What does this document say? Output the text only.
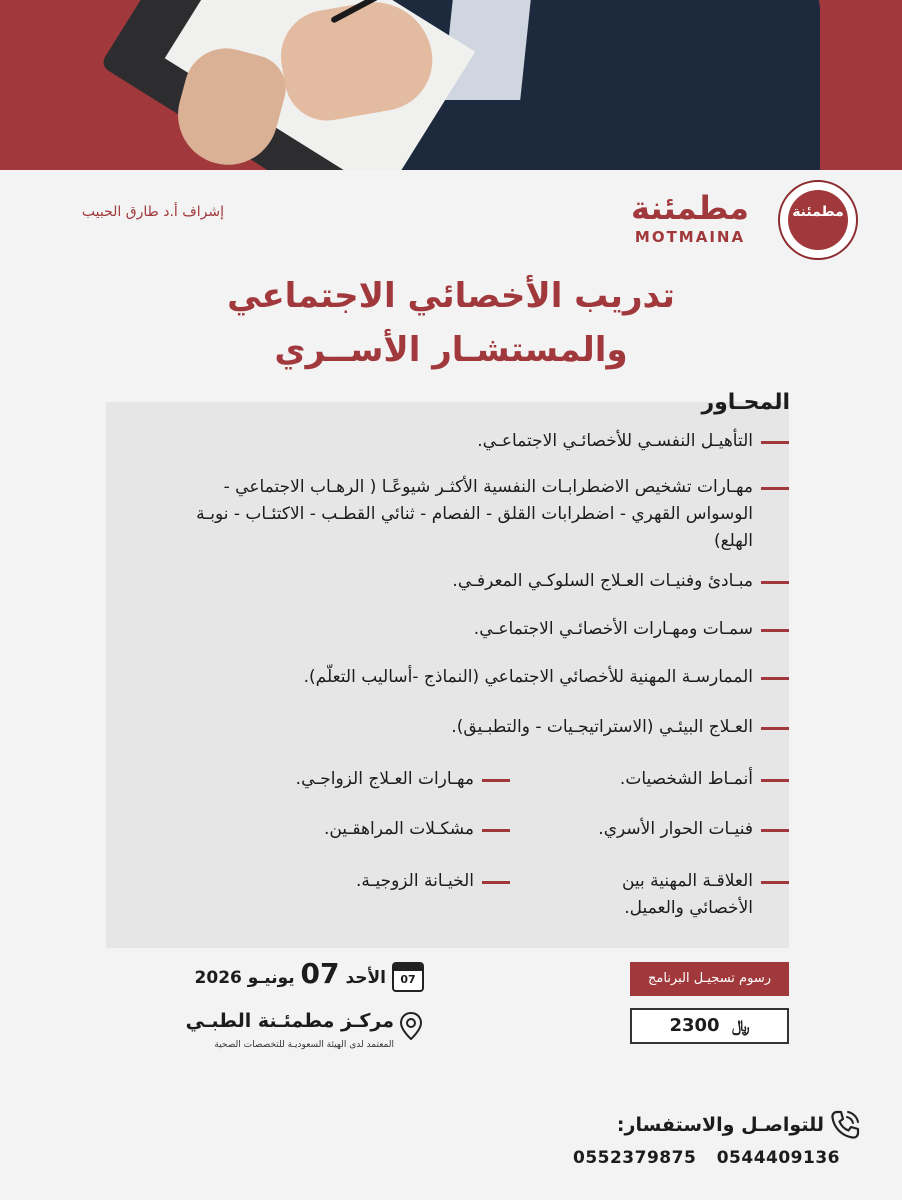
مطمئنة
مطمئنة
MOTMAINA
إشراف أ.د طارق الحبيب
تدريب الأخصائي الاجتماعي
والمستشـار الأســري
المحـاور
التأهيـل النفسـي للأخصائـي الاجتماعـي.
مهـارات تشخيص الاضطرابـات النفسية الأكثـر شيوعًـا ( الرهـاب الاجتماعي - الوسواس القهري - اضطرابات القلق - الفصام - ثنائي القطـب - الاكتئـاب - نوبـة الهلع)
مبـادئ وفنيـات العـلاج السلوكـي المعرفـي.
سمـات ومهـارات الأخصائـي الاجتماعـي.
الممارسـة المهنية للأخصائي الاجتماعي (النماذج -أساليب التعلّم).
العـلاج البيئـي (الاستراتيجـيات - والتطبـيق).
أنمـاط الشخصيات.
فنيـات الحوار الأسري.
العلاقـة المهنية بين الأخصائي والعميل.
مهـارات العـلاج الزواجـي.
مشكـلات المراهقـين.
الخيـانة الزوجيـة.
07
الأحد 07 يونيـو 2026
مركـز مطمئـنة الطبـي
المعتمد لدى الهيئة السعوديـة للتخصصات الصحية
رسوم تسجيـل البرنامج
2300 ﷼
للتواصـل والاستفسار:
0552379875 0544409136
